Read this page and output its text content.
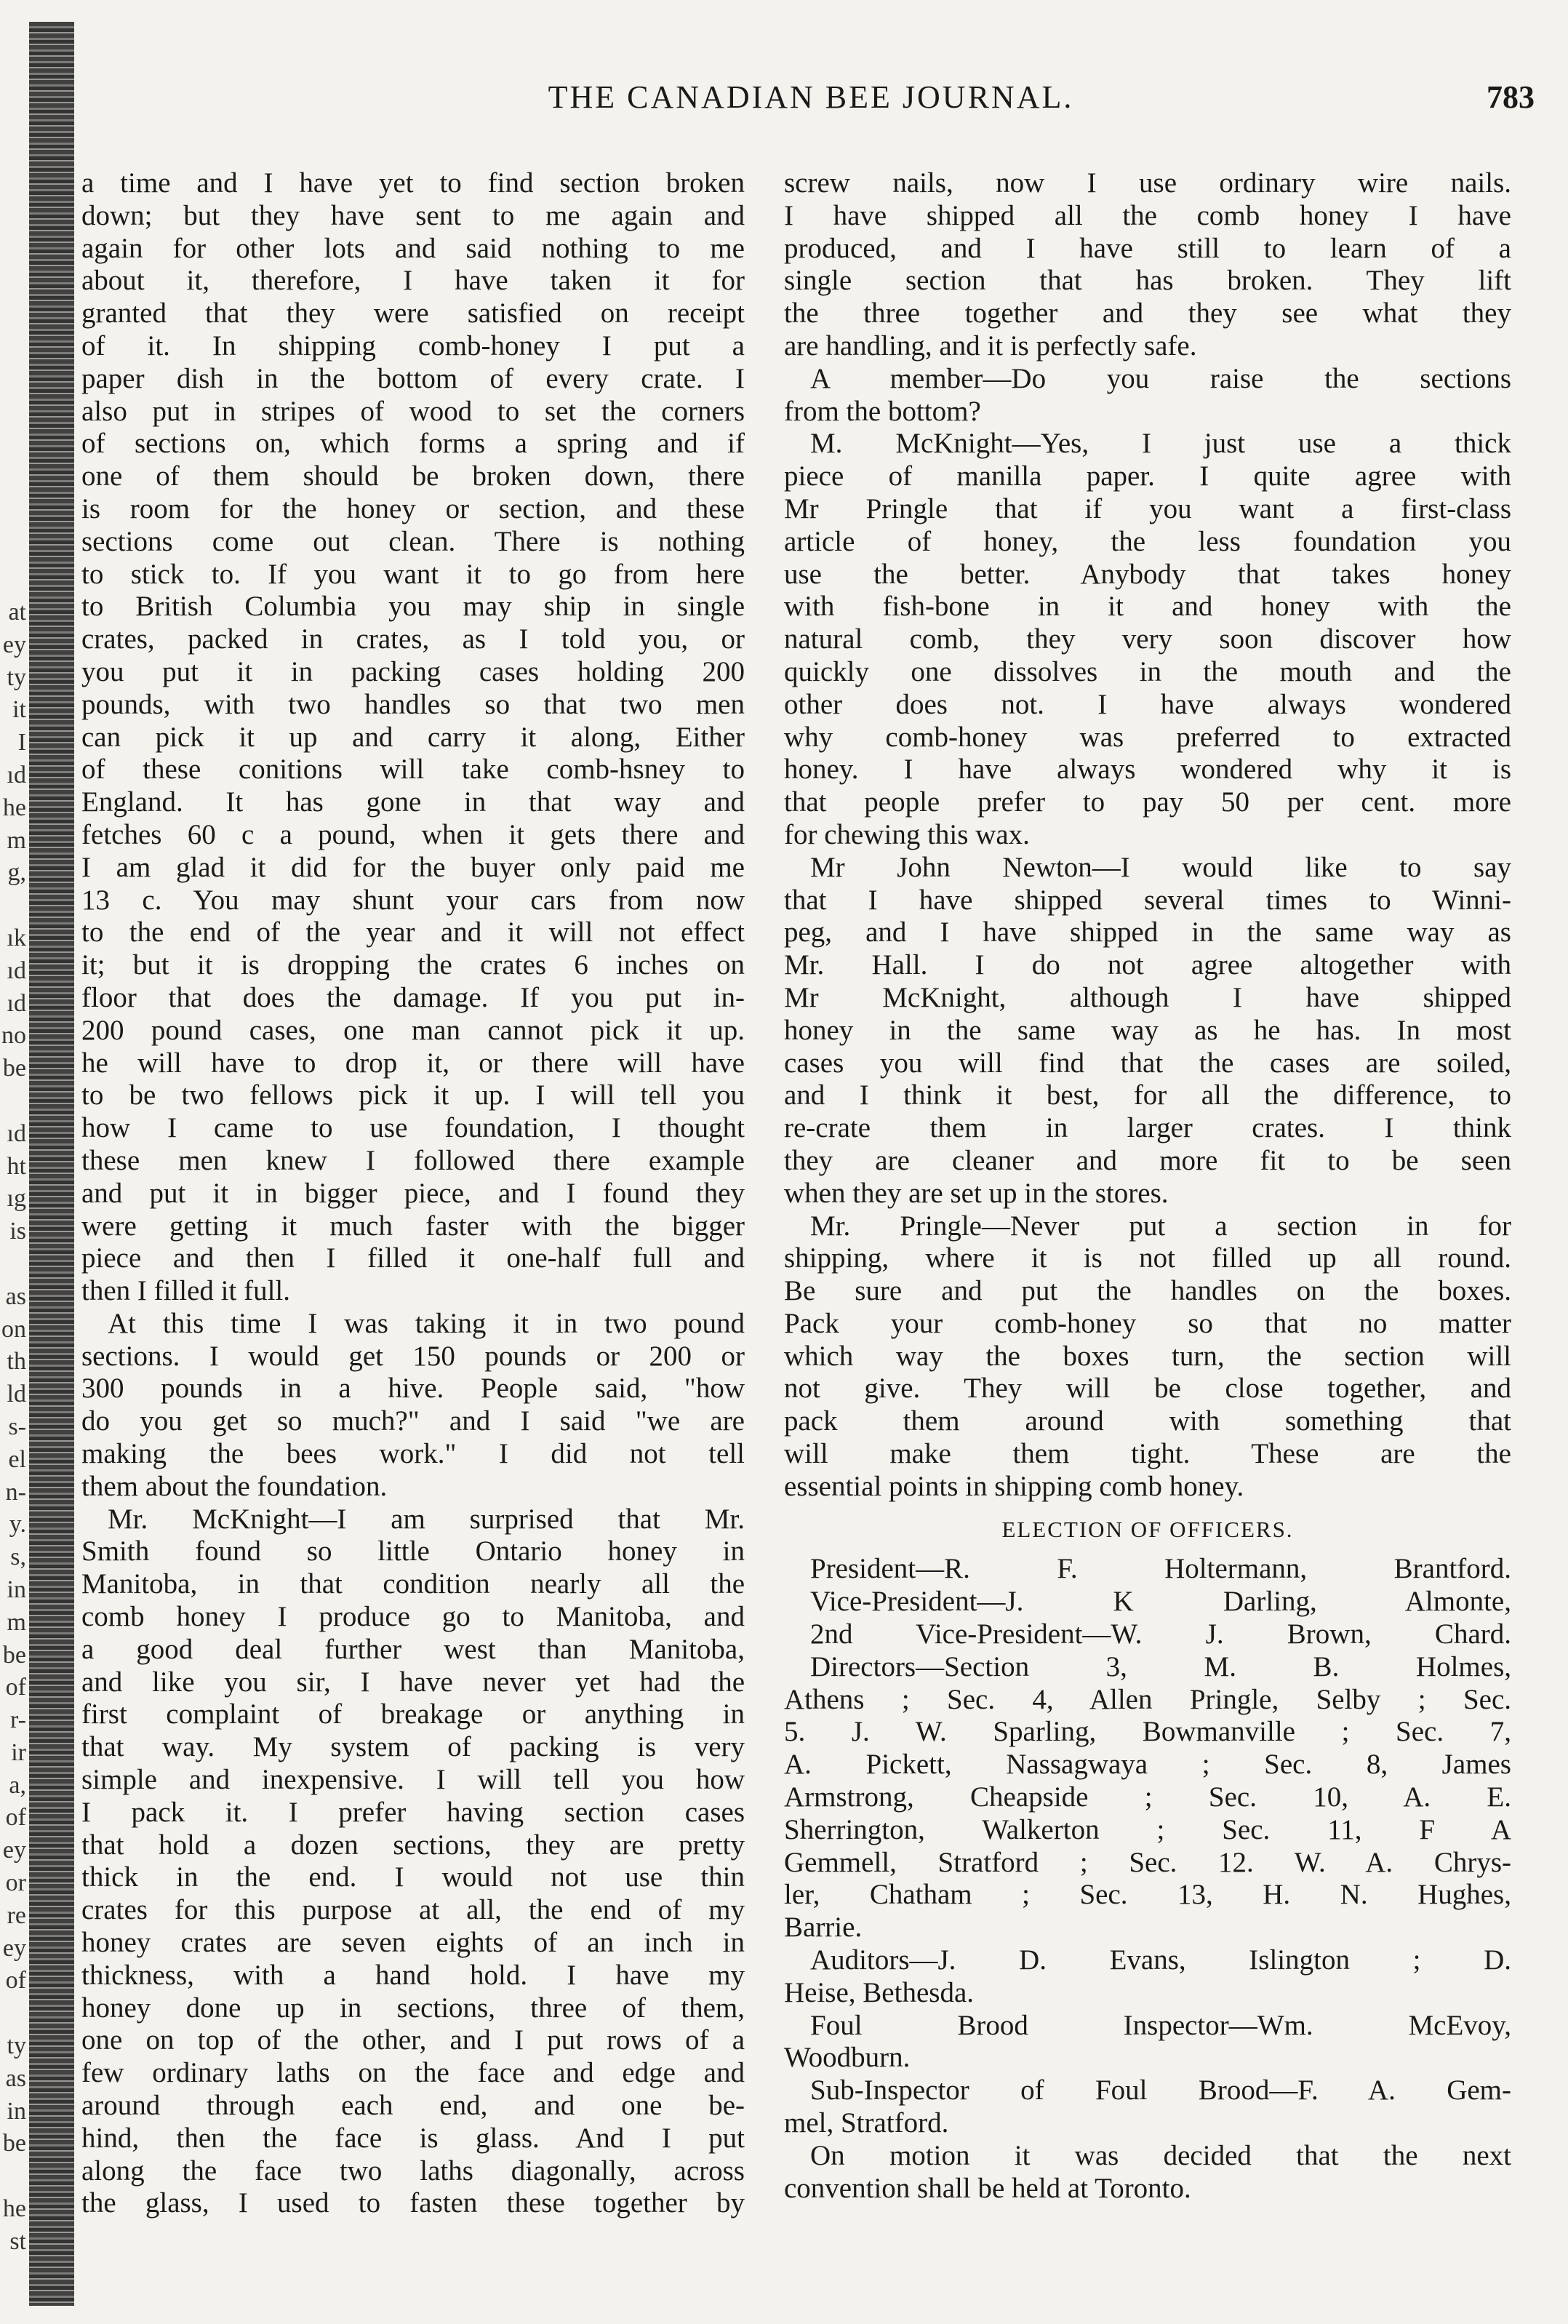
at
ey
ty
it
I
ıd
he
m
g,
ık
ıd
ıd
no
be
ıd
ht
ıg
is
as
on
th
ld
s-
el
n-
y.
s,
in
m
be
of
r-
ir
a,
of
ey
or
re
ey
of
ty
as
in
be
he
st
THE CANADIAN BEE JOURNAL.	783
a time and I have yet to find section broken
down; but they have sent to me again and
again for other lots and said nothing to me
about it, therefore, I have taken it for
granted that they were satisfied on receipt
of it. In shipping comb-honey I put a
paper dish in the bottom of every crate. I
also put in stripes of wood to set the corners
of sections on, which forms a spring and if
one of them should be broken down, there
is room for the honey or section, and these
sections come out clean. There is nothing
to stick to. If you want it to go from here
to British Columbia you may ship in single
crates, packed in crates, as I told you, or
you put it in packing cases holding 200
pounds, with two handles so that two men
can pick it up and carry it along, Either
of these conitions will take comb-hsney to
England. It has gone in that way and
fetches 60 c a pound, when it gets there and
I am glad it did for the buyer only paid me
13 c. You may shunt your cars from now
to the end of the year and it will not effect
it; but it is dropping the crates 6 inches on
floor that does the damage. If you put in-
200 pound cases, one man cannot pick it up.
he will have to drop it, or there will have
to be two fellows pick it up. I will tell you
how I came to use foundation, I thought
these men knew I followed there example
and put it in bigger piece, and I found they
were getting it much faster with the bigger
piece and then I filled it one-half full and
then I filled it full.
At this time I was taking it in two pound
sections. I would get 150 pounds or 200 or
300 pounds in a hive. People said, "how
do you get so much?" and I said "we are
making the bees work." I did not tell
them about the foundation.
Mr. McKnight—I am surprised that Mr.
Smith found so little Ontario honey in
Manitoba, in that condition nearly all the
comb honey I produce go to Manitoba, and
a good deal further west than Manitoba,
and like you sir, I have never yet had the
first complaint of breakage or anything in
that way. My system of packing is very
simple and inexpensive. I will tell you how
I pack it. I prefer having section cases
that hold a dozen sections, they are pretty
thick in the end. I would not use thin
crates for this purpose at all, the end of my
honey crates are seven eights of an inch in
thickness, with a hand hold. I have my
honey done up in sections, three of them,
one on top of the other, and I put rows of a
few ordinary laths on the face and edge and
around through each end, and one be-
hind, then the face is glass. And I put
along the face two laths diagonally, across
the glass, I used to fasten these together by
screw nails, now I use ordinary wire nails.
I have shipped all the comb honey I have
produced, and I have still to learn of a
single section that has broken. They lift
the three together and they see what they
are handling, and it is perfectly safe.
A member—Do you raise the sections
from the bottom?
M. McKnight—Yes, I just use a thick
piece of manilla paper. I quite agree with
Mr Pringle that if you want a first-class
article of honey, the less foundation you
use the better. Anybody that takes honey
with fish-bone in it and honey with the
natural comb, they very soon discover how
quickly one dissolves in the mouth and the
other does not. I have always wondered
why comb-honey was preferred to extracted
honey. I have always wondered why it is
that people prefer to pay 50 per cent. more
for chewing this wax.
Mr John Newton—I would like to say
that I have shipped several times to Winni-
peg, and I have shipped in the same way as
Mr. Hall. I do not agree altogether with
Mr McKnight, although I have shipped
honey in the same way as he has. In most
cases you will find that the cases are soiled,
and I think it best, for all the difference, to
re-crate them in larger crates. I think
they are cleaner and more fit to be seen
when they are set up in the stores.
Mr. Pringle—Never put a section in for
shipping, where it is not filled up all round.
Be sure and put the handles on the boxes.
Pack your comb-honey so that no matter
which way the boxes turn, the section will
not give. They will be close together, and
pack them around with something that
will make them tight. These are the
essential points in shipping comb honey.
ELECTION OF OFFICERS.
President—R. F. Holtermann, Brantford.
Vice-President—J. K Darling, Almonte,
2nd Vice-President—W. J. Brown, Chard.
Directors—Section 3, M. B. Holmes,
Athens ; Sec. 4, Allen Pringle, Selby ; Sec.
5. J. W. Sparling, Bowmanville ; Sec. 7,
A. Pickett, Nassagwaya ; Sec. 8, James
Armstrong, Cheapside ; Sec. 10, A. E.
Sherrington, Walkerton ; Sec. 11, F A
Gemmell, Stratford ; Sec. 12. W. A. Chrys-
ler, Chatham ; Sec. 13, H. N. Hughes,
Barrie.
Auditors—J. D. Evans, Islington ; D.
Heise, Bethesda.
Foul Brood Inspector—Wm. McEvoy,
Woodburn.
Sub-Inspector of Foul Brood—F. A. Gem-
mel, Stratford.
On motion it was decided that the next
convention shall be held at Toronto.
